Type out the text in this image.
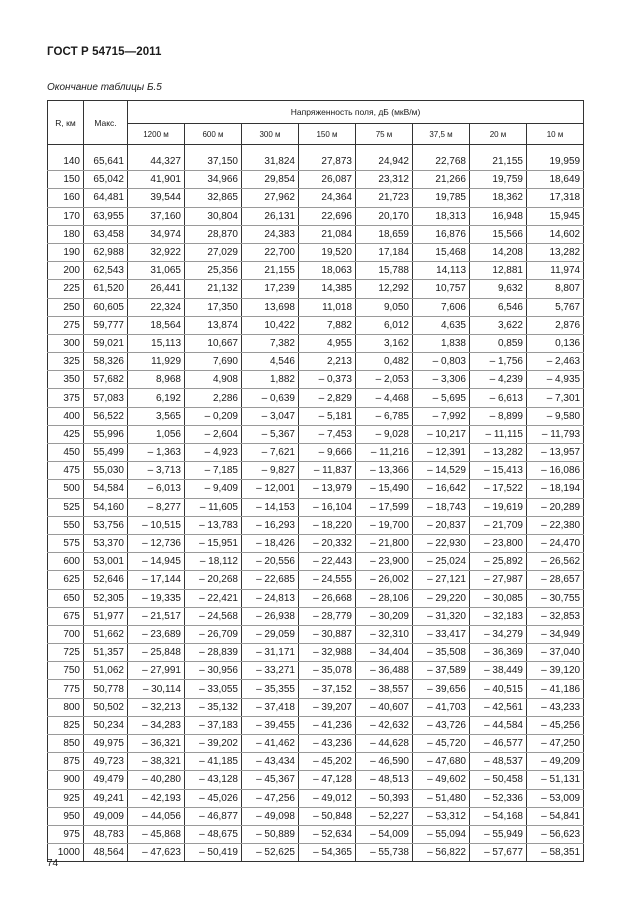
ГОСТ Р 54715—2011
Окончание таблицы Б.5
R, км	Макс.	Напряженность поля, дБ (мкВ/м)							
		1200 м	600 м	300 м	150 м	75 м	37,5 м	20 м	10 м

140	65,641	44,327	37,150	31,824	27,873	24,942	22,768	21,155	19,959
150	65,042	41,901	34,966	29,854	26,087	23,312	21,266	19,759	18,649
160	64,481	39,544	32,865	27,962	24,364	21,723	19,785	18,362	17,318
170	63,955	37,160	30,804	26,131	22,696	20,170	18,313	16,948	15,945
180	63,458	34,974	28,870	24,383	21,084	18,659	16,876	15,566	14,602
190	62,988	32,922	27,029	22,700	19,520	17,184	15,468	14,208	13,282
200	62,543	31,065	25,356	21,155	18,063	15,788	14,113	12,881	11,974
225	61,520	26,441	21,132	17,239	14,385	12,292	10,757	9,632	8,807
250	60,605	22,324	17,350	13,698	11,018	9,050	7,606	6,546	5,767
275	59,777	18,564	13,874	10,422	7,882	6,012	4,635	3,622	2,876
300	59,021	15,113	10,667	7,382	4,955	3,162	1,838	0,859	0,136
325	58,326	11,929	7,690	4,546	2,213	0,482	– 0,803	– 1,756	– 2,463
350	57,682	8,968	4,908	1,882	– 0,373	– 2,053	– 3,306	– 4,239	– 4,935
375	57,083	6,192	2,286	– 0,639	– 2,829	– 4,468	– 5,695	– 6,613	– 7,301
400	56,522	3,565	– 0,209	– 3,047	– 5,181	– 6,785	– 7,992	– 8,899	– 9,580
425	55,996	1,056	– 2,604	– 5,367	– 7,453	– 9,028	– 10,217	– 11,115	– 11,793
450	55,499	– 1,363	– 4,923	– 7,621	– 9,666	– 11,216	– 12,391	– 13,282	– 13,957
475	55,030	– 3,713	– 7,185	– 9,827	– 11,837	– 13,366	– 14,529	– 15,413	– 16,086
500	54,584	– 6,013	– 9,409	– 12,001	– 13,979	– 15,490	– 16,642	– 17,522	– 18,194
525	54,160	– 8,277	– 11,605	– 14,153	– 16,104	– 17,599	– 18,743	– 19,619	– 20,289
550	53,756	– 10,515	– 13,783	– 16,293	– 18,220	– 19,700	– 20,837	– 21,709	– 22,380
575	53,370	– 12,736	– 15,951	– 18,426	– 20,332	– 21,800	– 22,930	– 23,800	– 24,470
600	53,001	– 14,945	– 18,112	– 20,556	– 22,443	– 23,900	– 25,024	– 25,892	– 26,562
625	52,646	– 17,144	– 20,268	– 22,685	– 24,555	– 26,002	– 27,121	– 27,987	– 28,657
650	52,305	– 19,335	– 22,421	– 24,813	– 26,668	– 28,106	– 29,220	– 30,085	– 30,755
675	51,977	– 21,517	– 24,568	– 26,938	– 28,779	– 30,209	– 31,320	– 32,183	– 32,853
700	51,662	– 23,689	– 26,709	– 29,059	– 30,887	– 32,310	– 33,417	– 34,279	– 34,949
725	51,357	– 25,848	– 28,839	– 31,171	– 32,988	– 34,404	– 35,508	– 36,369	– 37,040
750	51,062	– 27,991	– 30,956	– 33,271	– 35,078	– 36,488	– 37,589	– 38,449	– 39,120
775	50,778	– 30,114	– 33,055	– 35,355	– 37,152	– 38,557	– 39,656	– 40,515	– 41,186
800	50,502	– 32,213	– 35,132	– 37,418	– 39,207	– 40,607	– 41,703	– 42,561	– 43,233
825	50,234	– 34,283	– 37,183	– 39,455	– 41,236	– 42,632	– 43,726	– 44,584	– 45,256
850	49,975	– 36,321	– 39,202	– 41,462	– 43,236	– 44,628	– 45,720	– 46,577	– 47,250
875	49,723	– 38,321	– 41,185	– 43,434	– 45,202	– 46,590	– 47,680	– 48,537	– 49,209
900	49,479	– 40,280	– 43,128	– 45,367	– 47,128	– 48,513	– 49,602	– 50,458	– 51,131
925	49,241	– 42,193	– 45,026	– 47,256	– 49,012	– 50,393	– 51,480	– 52,336	– 53,009
950	49,009	– 44,056	– 46,877	– 49,098	– 50,848	– 52,227	– 53,312	– 54,168	– 54,841
975	48,783	– 45,868	– 48,675	– 50,889	– 52,634	– 54,009	– 55,094	– 55,949	– 56,623
1000	48,564	– 47,623	– 50,419	– 52,625	– 54,365	– 55,738	– 56,822	– 57,677	– 58,351
74
